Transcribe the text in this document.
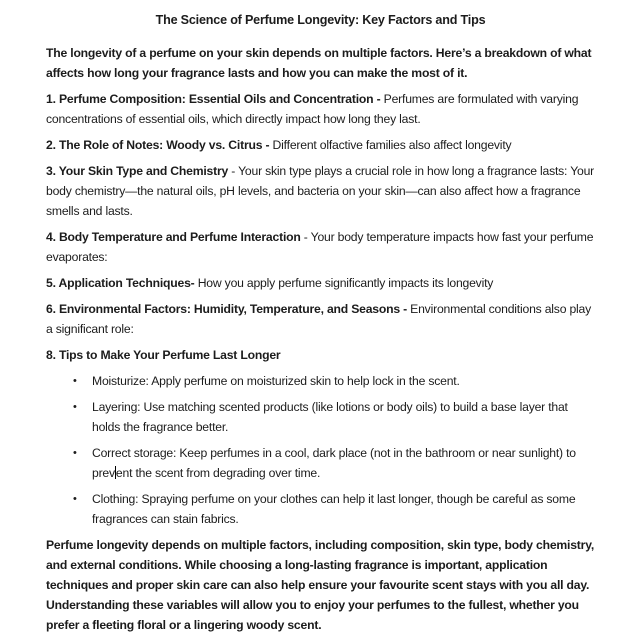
The Science of Perfume Longevity: Key Factors and Tips

The longevity of a perfume on your skin depends on multiple factors. Here’s a breakdown of what affects how long your fragrance lasts and how you can make the most of it.

1. Perfume Composition: Essential Oils and Concentration - Perfumes are formulated with varying concentrations of essential oils, which directly impact how long they last.

2. The Role of Notes: Woody vs. Citrus - Different olfactive families also affect longevity

3. Your Skin Type and Chemistry - Your skin type plays a crucial role in how long a fragrance lasts: Your body chemistry—the natural oils, pH levels, and bacteria on your skin—can also affect how a fragrance smells and lasts.

4. Body Temperature and Perfume Interaction - Your body temperature impacts how fast your perfume evaporates:

5. Application Techniques- How you apply perfume significantly impacts its longevity

6. Environmental Factors: Humidity, Temperature, and Seasons - Environmental conditions also play a significant role:

8. Tips to Make Your Perfume Last Longer

•	Moisturize: Apply perfume on moisturized skin to help lock in the scent.
•	Layering: Use matching scented products (like lotions or body oils) to build a base layer that holds the fragrance better.
•	Correct storage: Keep perfumes in a cool, dark place (not in the bathroom or near sunlight) to prevent the scent from degrading over time.
•	Clothing: Spraying perfume on your clothes can help it last longer, though be careful as some fragrances can stain fabrics.

Perfume longevity depends on multiple factors, including composition, skin type, body chemistry, and external conditions. While choosing a long-lasting fragrance is important, application techniques and proper skin care can also help ensure your favourite scent stays with you all day. Understanding these variables will allow you to enjoy your perfumes to the fullest, whether you prefer a fleeting floral or a lingering woody scent.
